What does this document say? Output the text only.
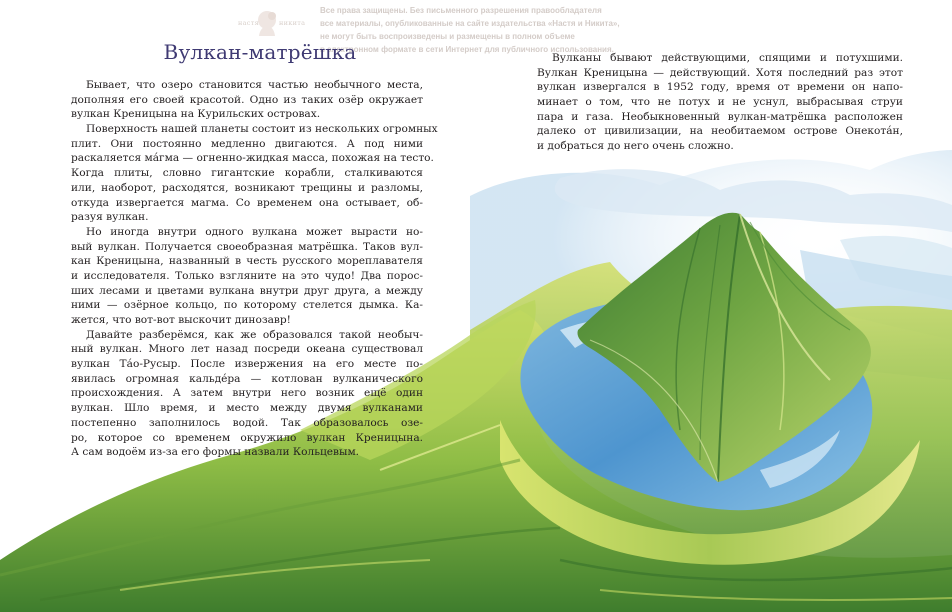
настя	никита
Все права защищены. Без письменного разрешения правообладателя
все материалы, опубликованные на сайте издательства «Настя и Никита»,
не могут быть воспроизведены и размещены в полном объеме
в электронном формате в сети Интернет для публичного использования.
Вулкан-матрёшка
Бывает, что озеро становится частью необычного места,
дополняя его своей красотой. Одно из таких озёр окружает
вулкан Креницына на Курильских островах.
Поверхность нашей планеты состоит из нескольких огромных
плит. Они постоянно медленно двигаются. А под ними
раскаляется мáгма — огненно-жидкая масса, похожая на тесто.
Когда плиты, словно гигантские корабли, сталкиваются
или, наоборот, расходятся, возникают трещины и разломы,
откуда извергается магма. Со временем она остывает, об-
разуя вулкан.
Но иногда внутри одного вулкана может вырасти но-
вый вулкан. Получается своеобразная матрёшка. Таков вул-
кан Креницына, названный в честь русского мореплавателя
и исследователя. Только взгляните на это чудо! Два порос-
ших лесами и цветами вулкана внутри друг друга, а между
ними — озёрное кольцо, по которому стелется дымка. Ка-
жется, что вот-вот выскочит динозавр!
Давайте разберёмся, как же образовался такой необыч-
ный вулкан. Много лет назад посреди океана существовал
вулкан Тáо-Русыр. После извержения на его месте по-
явилась огромная кальдéра — котлован вулканического
происхождения. А затем внутри него возник ещё один
вулкан. Шло время, и место между двумя вулканами
постепенно заполнилось водой. Так образовалось озе-
ро, которое со временем окружило вулкан Креницына.
А сам водоём из-за его формы назвали Кольцевым.
Вулканы бывают действующими, спящими и потухшими.
Вулкан Креницына — действующий. Хотя последний раз этот
вулкан извергался в 1952 году, время от времени он напо-
минает о том, что не потух и не уснул, выбрасывая струи
пара и газа. Необыкновенный вулкан-матрёшка расположен
далеко от цивилизации, на необитаемом острове Онекотáн,
и добраться до него очень сложно.
